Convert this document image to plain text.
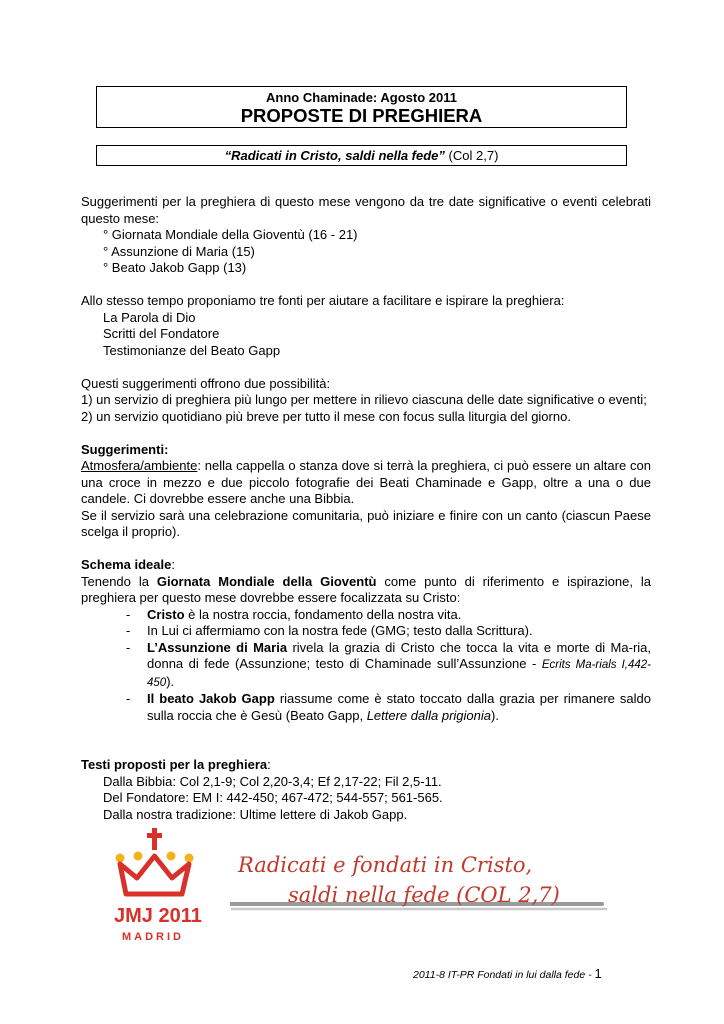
Anno Chaminade: Agosto 2011
PROPOSTE DI PREGHIERA
“Radicati in Cristo, saldi nella fede” (Col 2,7)

Suggerimenti per la preghiera di questo mese vengono da tre date significative o eventi celebrati questo mese:

° Giornata Mondiale della Gioventù (16 - 21)

° Assunzione di Maria (15)

° Beato Jakob Gapp (13)

Allo stesso tempo proponiamo tre fonti per aiutare a facilitare e ispirare la preghiera:

La Parola di Dio

Scritti del Fondatore

Testimonianze del Beato Gapp

Questi suggerimenti offrono due possibilità:

1) un servizio di preghiera più lungo per mettere in rilievo ciascuna delle date significative o eventi;

2) un servizio quotidiano più breve per tutto il mese con focus sulla liturgia del giorno.

Suggerimenti:

Atmosfera/ambiente: nella cappella o stanza dove si terrà la preghiera, ci può essere un altare con una croce in mezzo e due piccolo fotografie dei Beati Chaminade e Gapp, oltre a una o due candele. Ci dovrebbe essere anche una Bibbia.

Se il servizio sarà una celebrazione comunitaria, può iniziare e finire con un canto (ciascun Paese scelga il proprio).

Schema ideale:

Tenendo la Giornata Mondiale della Gioventù come punto di riferimento e ispirazione, la preghiera per questo mese dovrebbe essere focalizzata su Cristo:

-	Cristo è la nostra roccia, fondamento della nostra vita.
-	In Lui ci affermiamo con la nostra fede (GMG; testo dalla Scrittura).
-	L’Assunzione di Maria rivela la grazia di Cristo che tocca la vita e morte di Ma-ria, donna di fede (Assunzione; testo di Chaminade sull’Assunzione - Ecrits Ma-rials I,442-450).
-	Il beato Jakob Gapp riassume come è stato toccato dalla grazia per rimanere saldo sulla roccia che è Gesù (Beato Gapp, Lettere dalla prigionia).

Testi proposti per la preghiera:

Dalla Bibbia: Col 2,1-9; Col 2,20-3,4; Ef 2,17-22; Fil 2,5-11.

Del Fondatore: EM I: 442-450; 467-472; 544-557; 561-565.

Dalla nostra tradizione: Ultime lettere di Jakob Gapp.

JMJ 2011
MADRID
Radicati e fondati in Cristo,
saldi nella fede (COL 2,7)
2011-8 IT-PR Fondati in lui dalla fede - 1
